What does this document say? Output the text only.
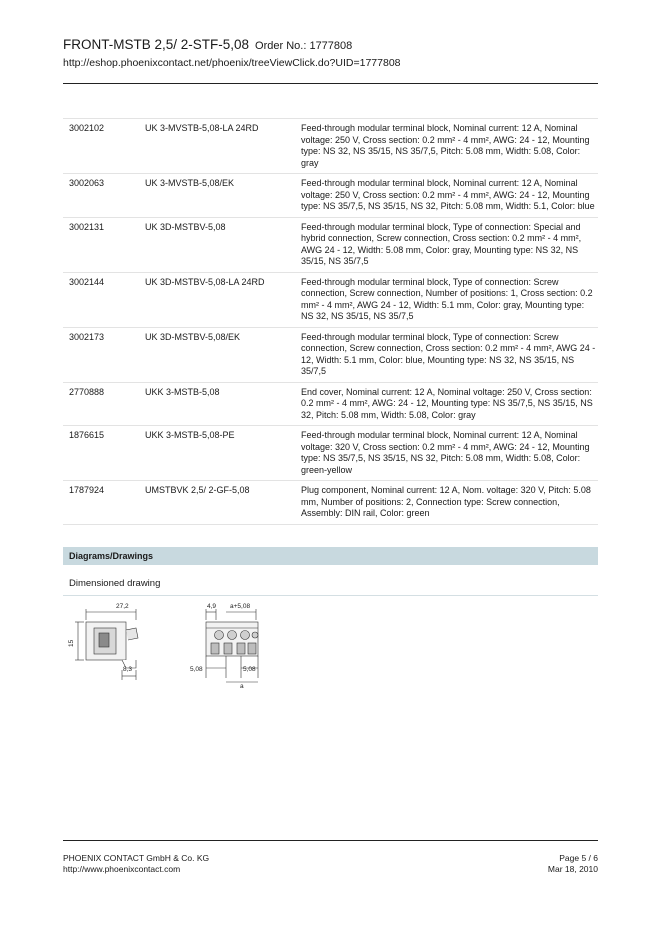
FRONT-MSTB 2,5/ 2-STF-5,08 Order No.: 1777808
http://eshop.phoenixcontact.net/phoenix/treeViewClick.do?UID=1777808
3002102	UK 3-MVSTB-5,08-LA 24RD	Feed-through modular terminal block, Nominal current: 12 A, Nominal voltage: 250 V, Cross section: 0.2 mm² - 4 mm², AWG: 24 - 12, Mounting type: NS 32, NS 35/15, NS 35/7,5, Pitch: 5.08 mm, Width: 5.08, Color: gray
3002063	UK 3-MVSTB-5,08/EK	Feed-through modular terminal block, Nominal current: 12 A, Nominal voltage: 250 V, Cross section: 0.2 mm² - 4 mm², AWG: 24 - 12, Mounting type: NS 35/7,5, NS 35/15, NS 32, Pitch: 5.08 mm, Width: 5.1, Color: blue
3002131	UK 3D-MSTBV-5,08	Feed-through modular terminal block, Type of connection: Special and hybrid connection, Screw connection, Cross section: 0.2 mm² - 4 mm², AWG 24 - 12, Width: 5.08 mm, Color: gray, Mounting type: NS 32, NS 35/15, NS 35/7,5
3002144	UK 3D-MSTBV-5,08-LA 24RD	Feed-through modular terminal block, Type of connection: Screw connection, Screw connection, Number of positions: 1, Cross section: 0.2 mm² - 4 mm², AWG 24 - 12, Width: 5.1 mm, Color: gray, Mounting type: NS 32, NS 35/15, NS 35/7,5
3002173	UK 3D-MSTBV-5,08/EK	Feed-through modular terminal block, Type of connection: Screw connection, Screw connection, Cross section: 0.2 mm² - 4 mm², AWG 24 - 12, Width: 5.1 mm, Color: blue, Mounting type: NS 32, NS 35/15, NS 35/7,5
2770888	UKK 3-MSTB-5,08	End cover, Nominal current: 12 A, Nominal voltage: 250 V, Cross section: 0.2 mm² - 4 mm², AWG: 24 - 12, Mounting type: NS 35/7,5, NS 35/15, NS 32, Pitch: 5.08 mm, Width: 5.08, Color: gray
1876615	UKK 3-MSTB-5,08-PE	Feed-through modular terminal block, Nominal current: 12 A, Nominal voltage: 320 V, Cross section: 0.2 mm² - 4 mm², AWG: 24 - 12, Mounting type: NS 35/7,5, NS 35/15, NS 32, Pitch: 5.08 mm, Width: 5.08, Color: green-yellow
1787924	UMSTBVK 2,5/ 2-GF-5,08	Plug component, Nominal current: 12 A, Nom. voltage: 320 V, Pitch: 5.08 mm, Number of positions: 2, Connection type: Screw connection, Assembly: DIN rail, Color: green
Diagrams/Drawings
Dimensioned drawing
27,2
15
8,3
4,9 a+5,08
5,08	5,08
a
PHOENIX CONTACT GmbH & Co. KG
http://www.phoenixcontact.com
Page 5 / 6
Mar 18, 2010
